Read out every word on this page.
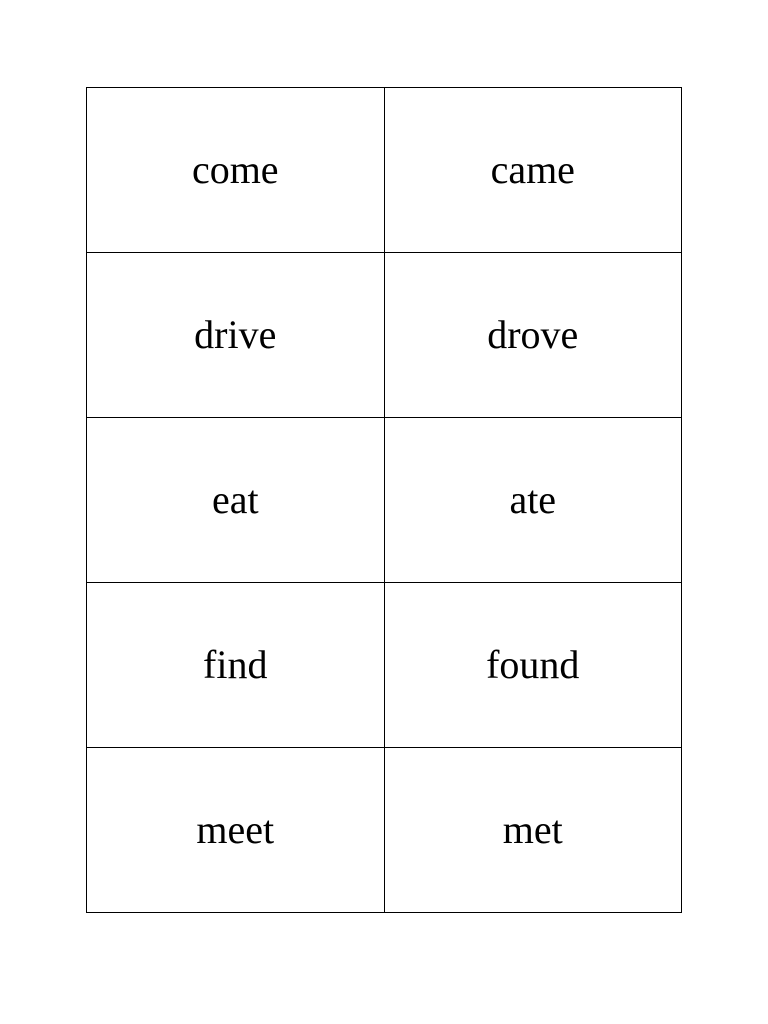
come	came
drive	drove
eat	ate
find	found
meet	met
